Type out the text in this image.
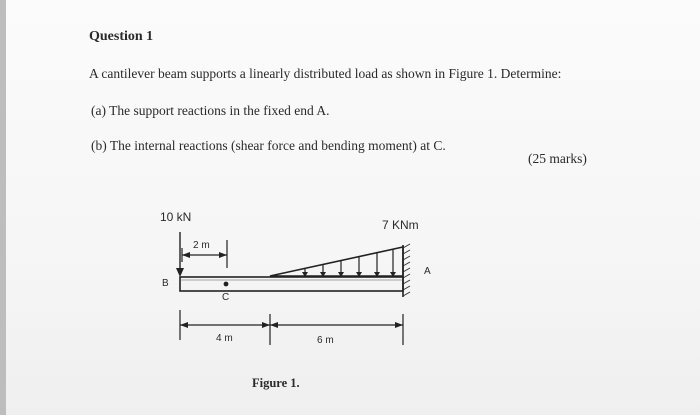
Question 1
A cantilever beam supports a linearly distributed load as shown in Figure 1. Determine:
(a) The support reactions in the fixed end A.
(b) The internal reactions (shear force and bending moment) at C.
(25 marks)
10 kN
7 KNm
2 m
B
C
A
4 m	6 m
Figure 1.
